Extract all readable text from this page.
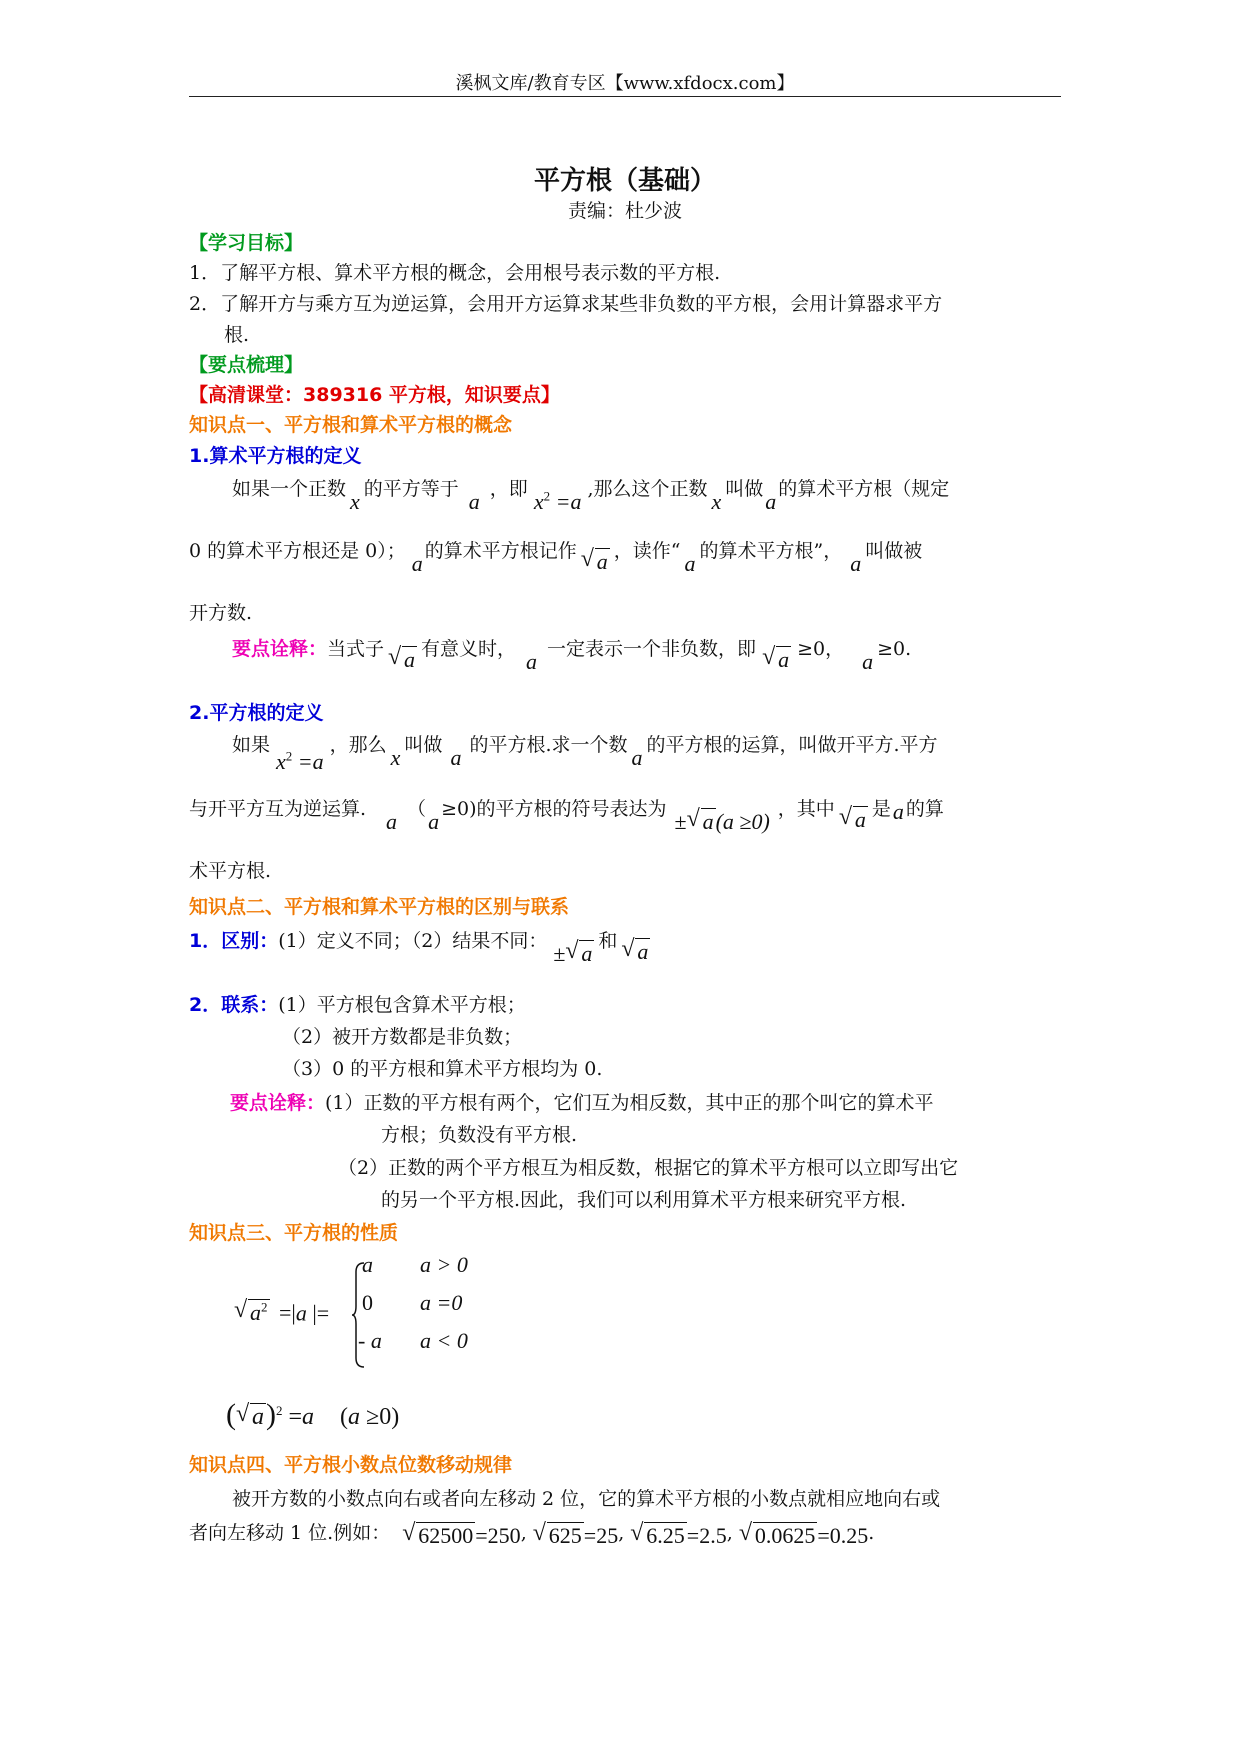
溪枫文库/教育专区【www.xfdocx.com】
平方根（基础）
责编：杜少波
【学习目标】
1．了解平方根、算术平方根的概念，会用根号表示数的平方根.
2．了解开方与乘方互为逆运算，会用开方运算求某些非负数的平方根，会用计算器求平方
根.
【要点梳理】
【高清课堂：389316 平方根，知识要点】
知识点一、平方根和算术平方根的概念
1.算术平方根的定义
如果一个正数 x 的平方等于 a ，即 $x^2 =a$ ,那么这个正数 x 叫做a 的算术平方根（规定
0 的算术平方根还是 0）； a 的算术平方根记作 √ a ，读作“ a 的算术平方根”， a 叫做被
开方数.
要点诠释：当式子 √ a 有意义时， a 一定表示一个非负数，即 √ a ≥0， a ≥0.
2.平方根的定义
如果$x^2 =a$，那么 x 叫做 a 的平方根.求一个数 a 的平方根的运算，叫做开平方.平方
与开平方互为逆运算. a （a ≥0)的平方根的符号表达为 ± √ a(a ≥0) ，其中 √ a 是a 的算
术平方根.
知识点二、平方根和算术平方根的区别与联系
1．区别：(1）定义不同；（2）结果不同： ± √ a 和 √ a
2．联系：(1）平方根包含算术平方根；
（2）被开方数都是非负数；
（3）0 的平方根和算术平方根均为 0.
要点诠释：(1）正数的平方根有两个，它们互为相反数，其中正的那个叫它的算术平
方根；负数没有平方根.
（2）正数的两个平方根互为相反数，根据它的算术平方根可以立即写出它
的另一个平方根.因此，我们可以利用算术平方根来研究平方根.
知识点三、平方根的性质
√ $a^2 =|a$ |=
a a > 0
0 a =0
- a a < 0
( √ a)$^2$ =a (a ≥0)
知识点四、平方根小数点位数移动规律
被开方数的小数点向右或者向左移动 2 位，它的算术平方根的小数点就相应地向右或
者向左移动 1 位.例如： √ 62500=250, √ 625=25, √ 6.25=2.5, √ 0.0625=0.25.
